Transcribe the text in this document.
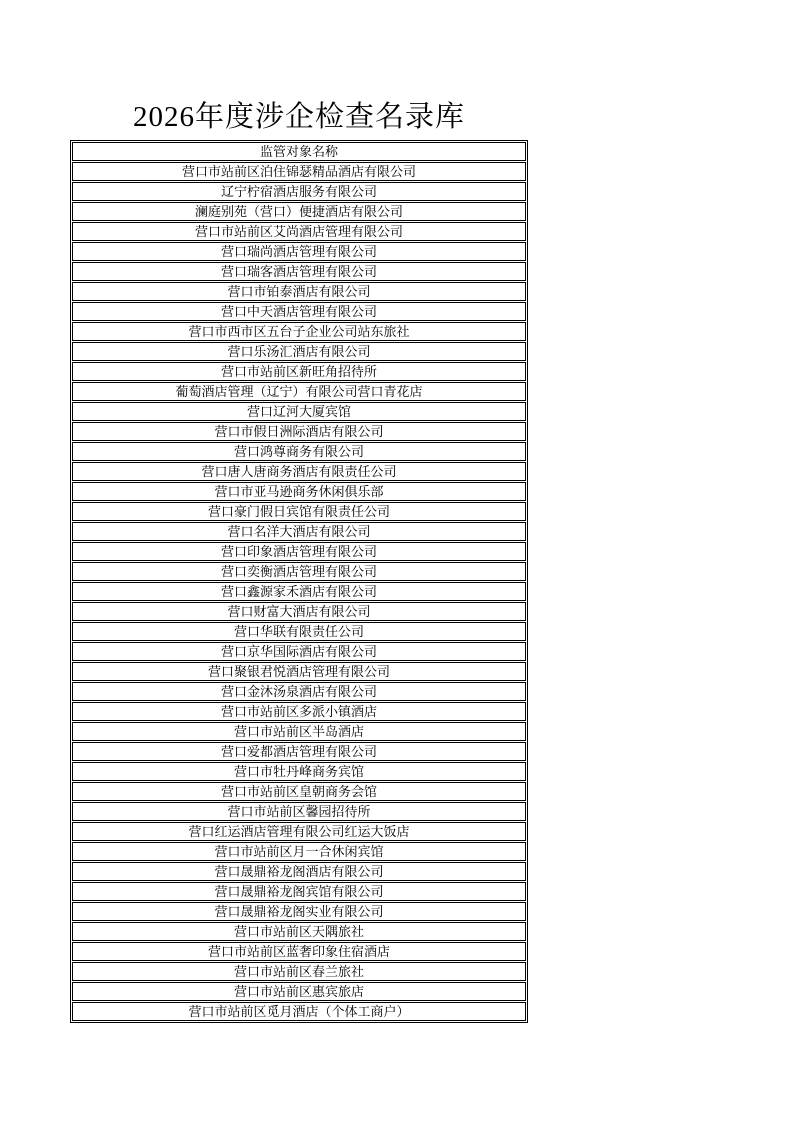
2026年度涉企检查名录库
监管对象名称
营口市站前区泊住锦瑟精品酒店有限公司
辽宁柠宿酒店服务有限公司
澜庭别苑（营口）便捷酒店有限公司
营口市站前区艾尚酒店管理有限公司
营口瑞尚酒店管理有限公司
营口瑞客酒店管理有限公司
营口市铂泰酒店有限公司
营口中天酒店管理有限公司
营口市西市区五台子企业公司站东旅社
营口乐汤汇酒店有限公司
营口市站前区新旺角招待所
葡萄酒店管理（辽宁）有限公司营口青花店
营口辽河大厦宾馆
营口市假日洲际酒店有限公司
营口鸿尊商务有限公司
营口唐人唐商务酒店有限责任公司
营口市亚马逊商务休闲俱乐部
营口豪门假日宾馆有限责任公司
营口名洋大酒店有限公司
营口印象酒店管理有限公司
营口奕衡酒店管理有限公司
营口鑫源家禾酒店有限公司
营口财富大酒店有限公司
营口华联有限责任公司
营口京华国际酒店有限公司
营口聚银君悦酒店管理有限公司
营口金沐汤泉酒店有限公司
营口市站前区多派小镇酒店
营口市站前区半岛酒店
营口爱都酒店管理有限公司
营口市牡丹峰商务宾馆
营口市站前区皇朝商务会馆
营口市站前区馨园招待所
营口红运酒店管理有限公司红运大饭店
营口市站前区月一合休闲宾馆
营口晟鼎裕龙阁酒店有限公司
营口晟鼎裕龙阁宾馆有限公司
营口晟鼎裕龙阁实业有限公司
营口市站前区天隅旅社
营口市站前区蓝奢印象住宿酒店
营口市站前区春兰旅社
营口市站前区惠宾旅店
营口市站前区觅月酒店（个体工商户）
